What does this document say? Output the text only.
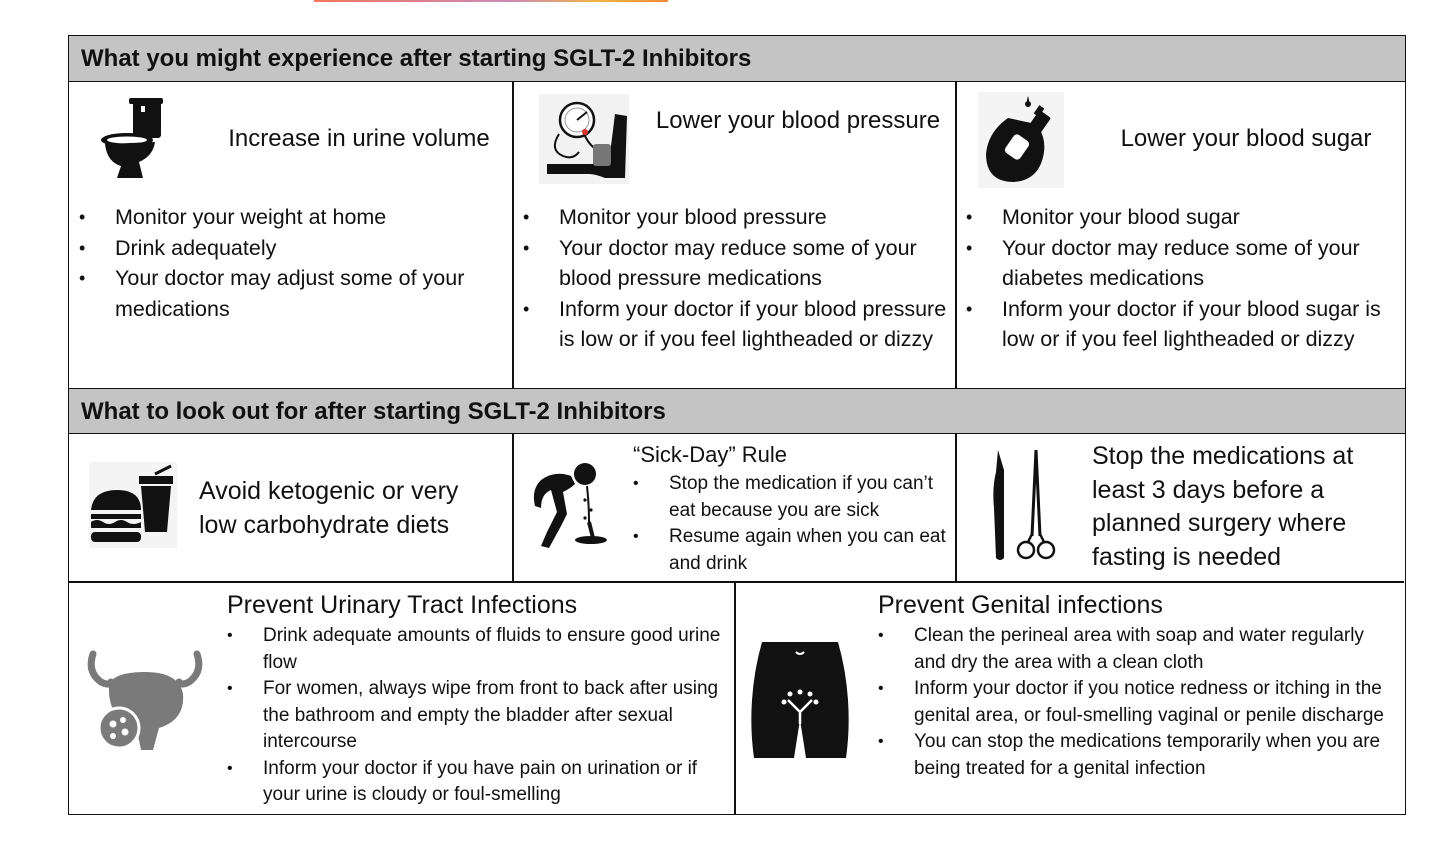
What you might experience after starting SGLT-2 Inhibitors
Increase in urine volume
• Monitor your weight at home
• Drink adequately
• Your doctor may adjust some of your medications
Lower your blood pressure
• Monitor your blood pressure
• Your doctor may reduce some of your blood pressure medications
• Inform your doctor if your blood pressure is low or if you feel lightheaded or dizzy
Lower your blood sugar
• Monitor your blood sugar
• Your doctor may reduce some of your diabetes medications
• Inform your doctor if your blood sugar is low or if you feel lightheaded or dizzy
What to look out for after starting SGLT-2 Inhibitors
Avoid ketogenic or very
low carbohydrate diets
“Sick-Day” Rule
• Stop the medication if you can’t eat because you are sick
• Resume again when you can eat and drink
Stop the medications at least 3 days before a planned surgery where fasting is needed
Prevent Urinary Tract Infections
• Drink adequate amounts of fluids to ensure good urine flow
• For women, always wipe from front to back after using the bathroom and empty the bladder after sexual intercourse
• Inform your doctor if you have pain on urination or if your urine is cloudy or foul-smelling
Prevent Genital infections
• Clean the perineal area with soap and water regularly and dry the area with a clean cloth
• Inform your doctor if you notice redness or itching in the genital area, or foul-smelling vaginal or penile discharge
• You can stop the medications temporarily when you are being treated for a genital infection
